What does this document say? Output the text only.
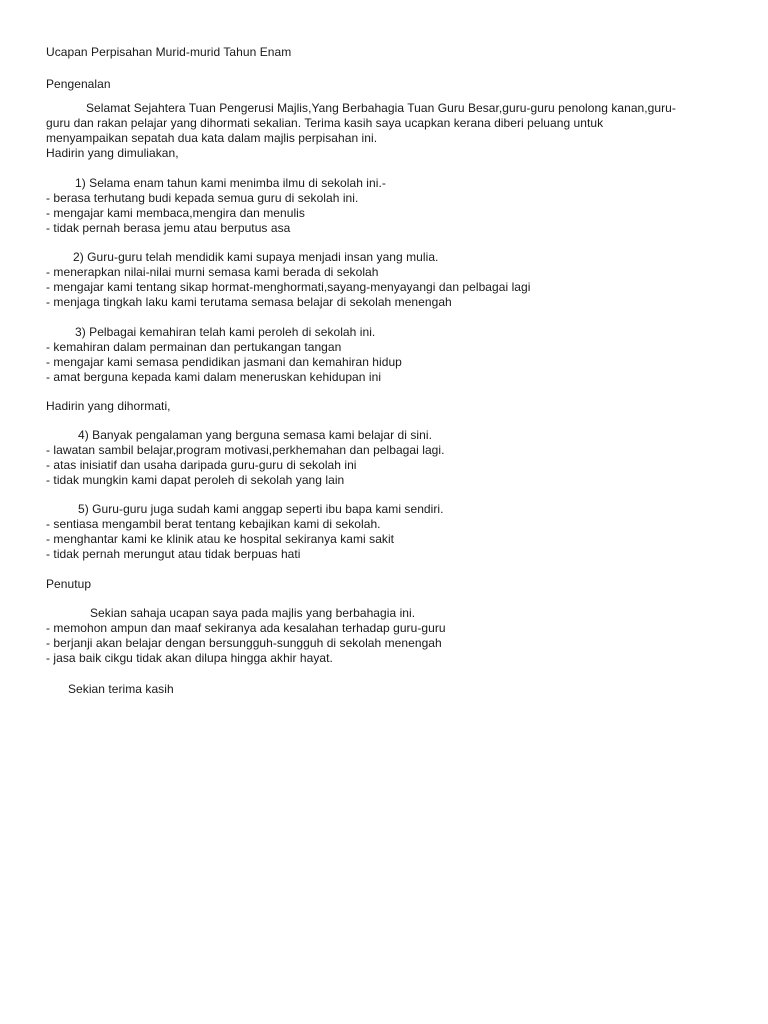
Ucapan Perpisahan Murid-murid Tahun Enam
Pengenalan
Selamat Sejahtera Tuan Pengerusi Majlis,Yang Berbahagia Tuan Guru Besar,guru-guru penolong kanan,guru-
guru dan rakan pelajar yang dihormati sekalian. Terima kasih saya ucapkan kerana diberi peluang untuk
menyampaikan sepatah dua kata dalam majlis perpisahan ini.
Hadirin yang dimuliakan,
1) Selama enam tahun kami menimba ilmu di sekolah ini.-
- berasa terhutang budi kepada semua guru di sekolah ini.
- mengajar kami membaca,mengira dan menulis
- tidak pernah berasa jemu atau berputus asa
2) Guru-guru telah mendidik kami supaya menjadi insan yang mulia.
- menerapkan nilai-nilai murni semasa kami berada di sekolah
- mengajar kami tentang sikap hormat-menghormati,sayang-menyayangi dan pelbagai lagi
- menjaga tingkah laku kami terutama semasa belajar di sekolah menengah
3) Pelbagai kemahiran telah kami peroleh di sekolah ini.
- kemahiran dalam permainan dan pertukangan tangan
- mengajar kami semasa pendidikan jasmani dan kemahiran hidup
- amat berguna kepada kami dalam meneruskan kehidupan ini
Hadirin yang dihormati,
4) Banyak pengalaman yang berguna semasa kami belajar di sini.
- lawatan sambil belajar,program motivasi,perkhemahan dan pelbagai lagi.
- atas inisiatif dan usaha daripada guru-guru di sekolah ini
- tidak mungkin kami dapat peroleh di sekolah yang lain
5) Guru-guru juga sudah kami anggap seperti ibu bapa kami sendiri.
- sentiasa mengambil berat tentang kebajikan kami di sekolah.
- menghantar kami ke klinik atau ke hospital sekiranya kami sakit
- tidak pernah merungut atau tidak berpuas hati
Penutup
Sekian sahaja ucapan saya pada majlis yang berbahagia ini.
- memohon ampun dan maaf sekiranya ada kesalahan terhadap guru-guru
- berjanji akan belajar dengan bersungguh-sungguh di sekolah menengah
- jasa baik cikgu tidak akan dilupa hingga akhir hayat.
Sekian terima kasih
